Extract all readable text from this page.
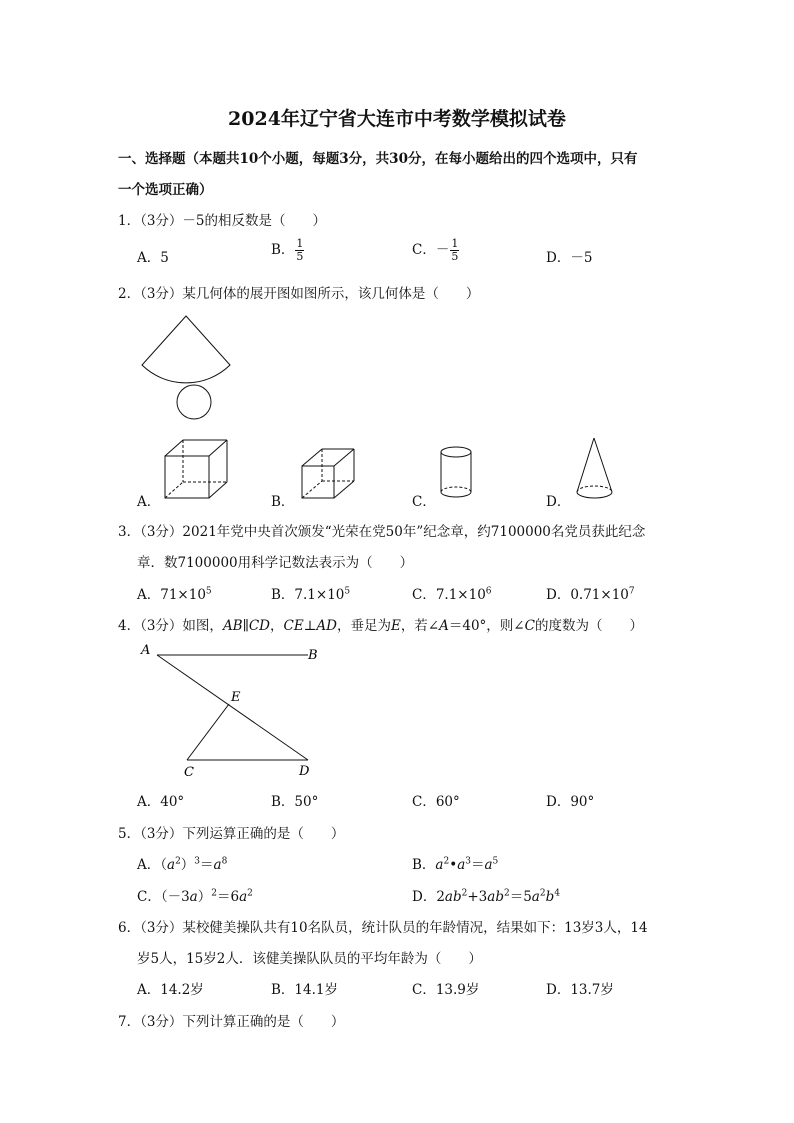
2024年辽宁省大连市中考数学模拟试卷
一、选择题（本题共10个小题，每题3分，共30分，在每小题给出的四个选项中，只有
一个选项正确）
1．（3分）－5的相反数是（　　）
A．5	B． $\frac{1}{5}$	C．－ $\frac{1}{5}$	D．－5
2．（3分）某几何体的展开图如图所示，该几何体是（　　）
A．	B．	C．	D．
3．（3分）2021年党中央首次颁发“光荣在党50年”纪念章，约7100000名党员获此纪念
章．数7100000用科学记数法表示为（　　）
A．$71\times 10^5$	B．$7.1\times 10^5$	C．$7.1\times 10^6$	D．$0.71\times 10^7$
4．（3分）如图，AB∥CD，CE⊥AD，垂足为E，若∠A＝40°，则∠C的度数为（　　）
A	B
E
C	D
A．40°	B．50°	C．60°	D．90°
5．（3分）下列运算正确的是（　　）
A．$(a^2)^3=a^8$	B．$a^2•a^3=a^5$
C．$(-3a)^2=6a^2$	D．$2ab^2+3ab^2=5a^2b^4$
6．（3分）某校健美操队共有10名队员，统计队员的年龄情况，结果如下：13岁3人，14
岁5人，15岁2人．该健美操队队员的平均年龄为（　　）
A．14.2岁	B．14.1岁	C．13.9岁	D．13.7岁
7．（3分）下列计算正确的是（　　）
